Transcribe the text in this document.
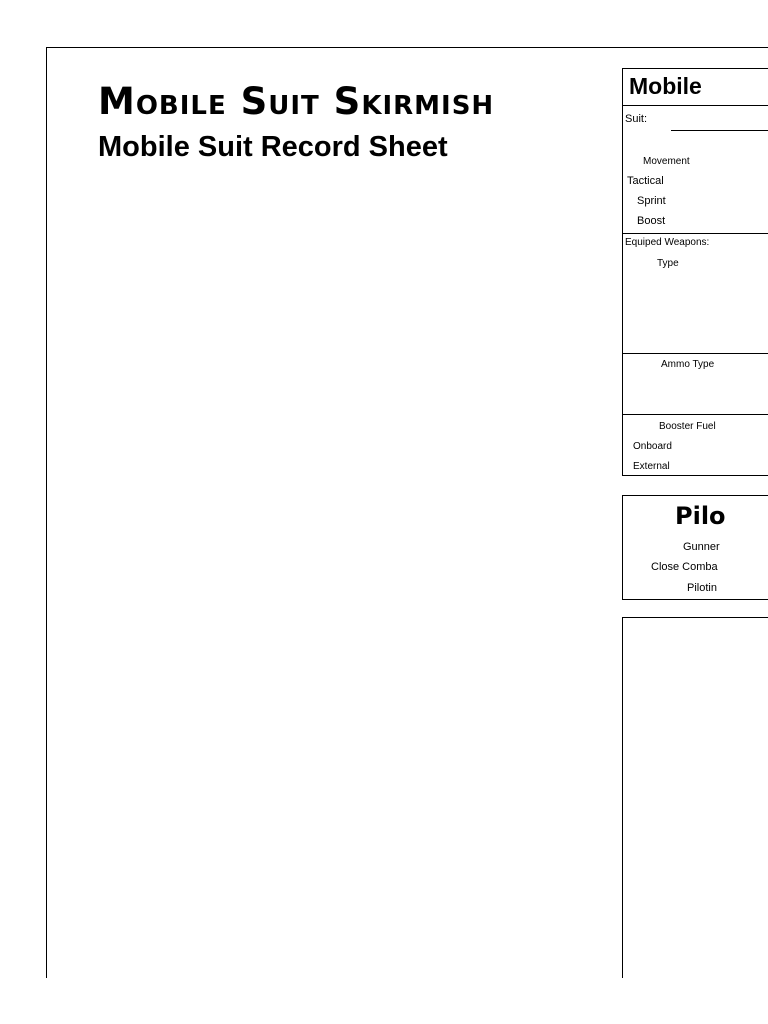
Mobile Suit Skirmish
Mobile Suit Record Sheet
Mobile
Suit:
Movement
Tactical
Sprint
Boost
Equiped Weapons:
Type
Ammo Type
Booster Fuel
Onboard
External
Pilo
Gunner
Close Comba
Pilotin
